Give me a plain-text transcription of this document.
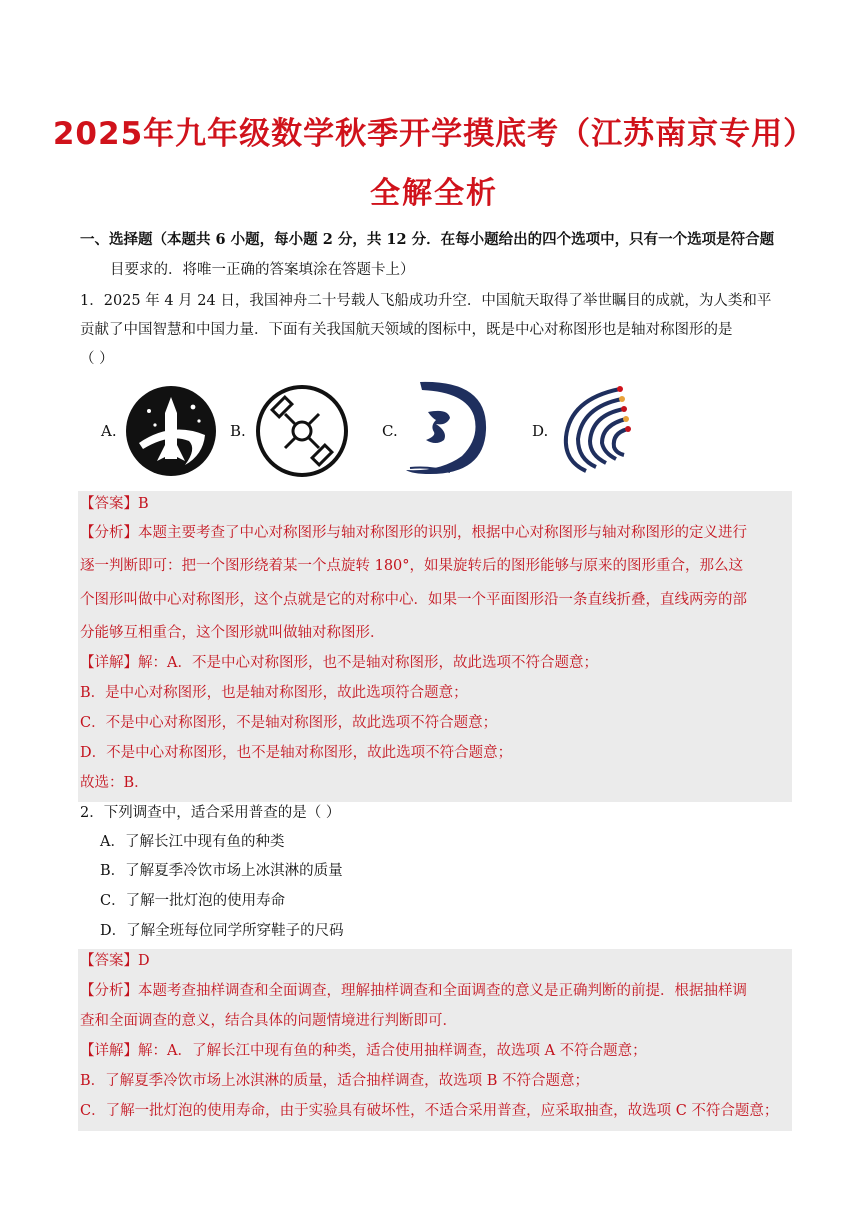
2025年九年级数学秋季开学摸底考（江苏南京专用）
全解全析
一、选择题（本题共 6 小题，每小题 2 分，共 12 分．在每小题给出的四个选项中，只有一个选项是符合题
目要求的．将唯一正确的答案填涂在答题卡上）
1．2025 年 4 月 24 日，我国神舟二十号载人飞船成功升空．中国航天取得了举世瞩目的成就，为人类和平
贡献了中国智慧和中国力量．下面有关我国航天领域的图标中，既是中心对称图形也是轴对称图形的是
（ ）
A.	B.	C.	D.
【答案】B
【分析】本题主要考查了中心对称图形与轴对称图形的识别，根据中心对称图形与轴对称图形的定义进行
逐一判断即可：把一个图形绕着某一个点旋转 180°，如果旋转后的图形能够与原来的图形重合，那么这
个图形叫做中心对称图形，这个点就是它的对称中心．如果一个平面图形沿一条直线折叠，直线两旁的部
分能够互相重合，这个图形就叫做轴对称图形．
【详解】解：A．不是中心对称图形，也不是轴对称图形，故此选项不符合题意；
B．是中心对称图形，也是轴对称图形，故此选项符合题意；
C．不是中心对称图形，不是轴对称图形，故此选项不符合题意；
D．不是中心对称图形，也不是轴对称图形，故此选项不符合题意；
故选：B．
2．下列调查中，适合采用普查的是（ ）
A．了解长江中现有鱼的种类
B．了解夏季冷饮市场上冰淇淋的质量
C．了解一批灯泡的使用寿命
D．了解全班每位同学所穿鞋子的尺码
【答案】D
【分析】本题考查抽样调查和全面调查，理解抽样调查和全面调查的意义是正确判断的前提．根据抽样调
查和全面调查的意义，结合具体的问题情境进行判断即可．
【详解】解：A．了解长江中现有鱼的种类，适合使用抽样调查，故选项 A 不符合题意；
B．了解夏季冷饮市场上冰淇淋的质量，适合抽样调查，故选项 B 不符合题意；
C．了解一批灯泡的使用寿命，由于实验具有破坏性，不适合采用普查，应采取抽查，故选项 C 不符合题意；
